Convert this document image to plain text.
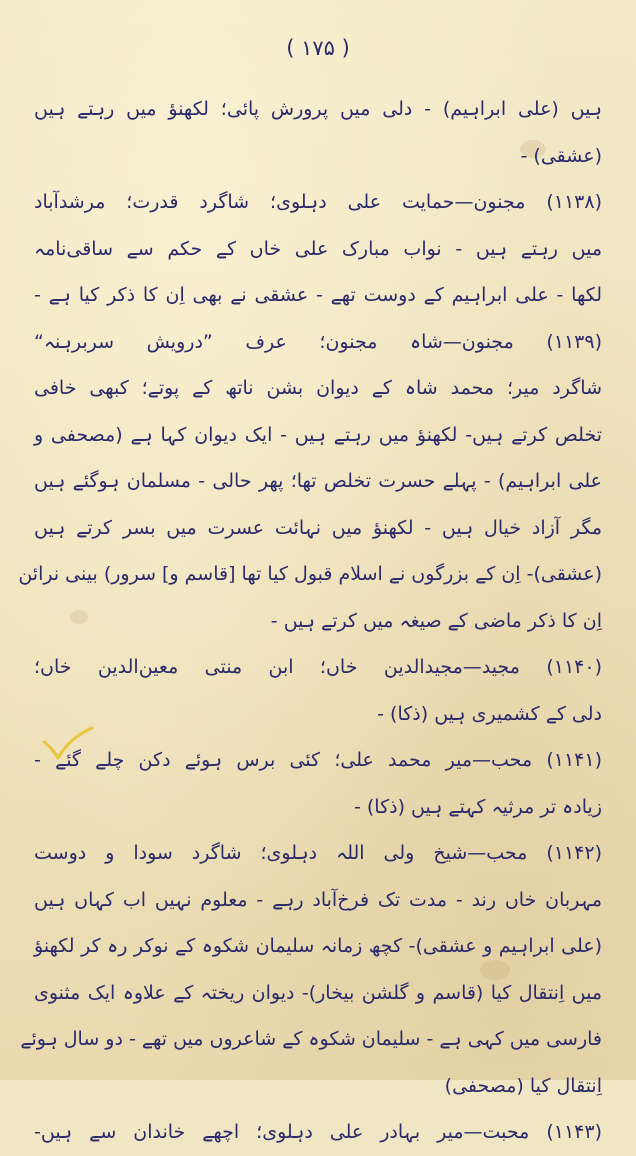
( ۱۷۵ )
ہیں (علی ابراہیم) - دلی میں پرورش پائی؛ لکھنؤ میں رہتے ہیں
(عشقی) -
(۱۱۳۸) مجنون—حمایت علی دہلوی؛ شاگرد قدرت؛ مرشدآباد
میں رہتے ہیں - نواب مبارک علی خاں کے حکم سے ساقی‌نامہ
لکھا - علی ابراہیم کے دوست تھے - عشقی نے بھی اِن کا ذکر کیا ہے -
(۱۱۳۹) مجنون—شاہ مجنون؛ عرف ”درویش سربرہنہ“
شاگرد میر؛ محمد شاہ کے دیوان بشن ناتھ کے پوتے؛ کبھی خافی
تخلص کرتے ہیں- لکھنؤ میں رہتے ہیں - ایک دیوان کہا ہے (مصحفی و
علی ابراہیم) - پہلے حسرت تخلص تھا؛ پھر حالی - مسلمان ہوگئے ہیں
مگر آزاد خیال ہیں - لکھنؤ میں نہائت عسرت میں بسر کرتے ہیں
(عشقی)- اِن کے بزرگوں نے اسلام قبول کیا تھا [قاسم و] سرور) بینی نرائن
اِن کا ذکر ماضی کے صیغہ میں کرتے ہیں -
(۱۱۴۰) مجید—مجیدالدین خاں؛ ابن منتی معین‌الدین خاں؛
دلی کے کشمیری ہیں (ذکا) -
(۱۱۴۱) محب—میر محمد علی؛ کئی برس ہوئے دکن چلے گئے -
زیادہ تر مرثیہ کہتے ہیں (ذکا) -
(۱۱۴۲) محب—شیخ ولی اللہ دہلوی؛ شاگرد سودا و دوست
مہربان خاں رند - مدت تک فرخ‌آباد رہے - معلوم نہیں اب کہاں ہیں
(علی ابراہیم و عشقی)- کچھ زمانہ سلیمان شکوہ کے نوکر رہ کر لکھنؤ
میں اِنتقال کیا (قاسم و گلشن بیخار)- دیوان ریختہ کے علاوہ ایک مثنوی
فارسی میں کہی ہے - سلیمان شکوہ کے شاعروں میں تھے - دو سال ہوئے
اِنتقال کیا (مصحفی)
(۱۱۴۳) محبت—میر بہادر علی دہلوی؛ اچھے خاندان سے ہیں-
